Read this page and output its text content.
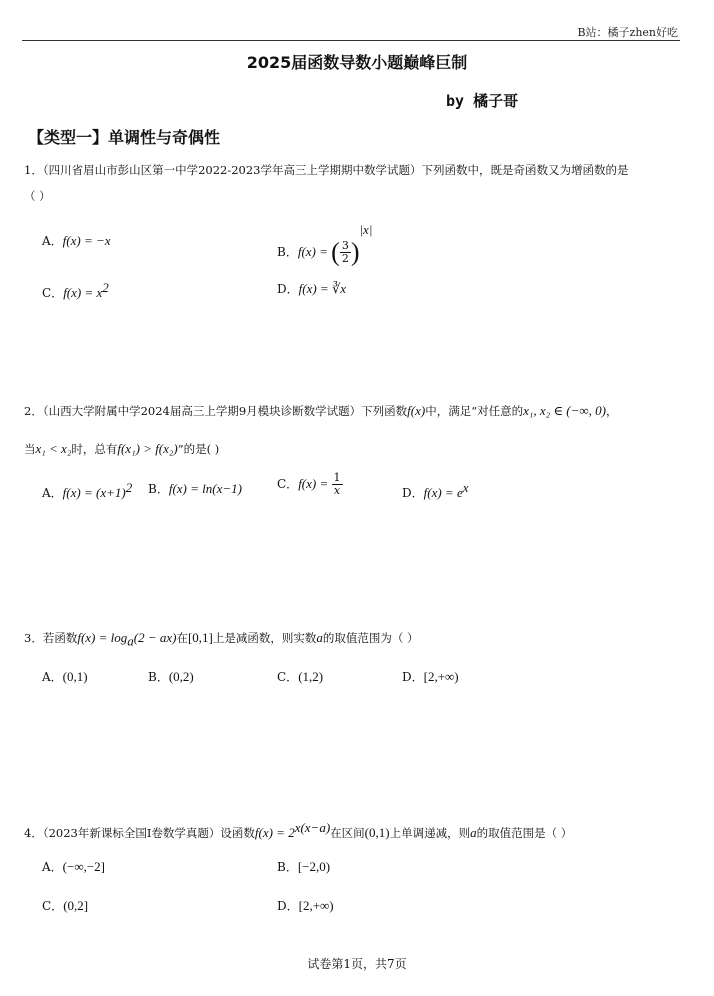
B站：橘子zhen好吃
2025届函数导数小题巅峰巨制
by 橘子哥
【类型一】单调性与奇偶性
1．（四川省眉山市彭山区第一中学2022-2023学年高三上学期期中数学试题）下列函数中，既是奇函数又为增函数的是
（ ）
A．f(x) = −x
B．f(x) = ( $\frac{3}{2} )^{|x|}$
C．$f(x) = x^2$	D．f(x) = ∛x
2．（山西大学附属中学2024届高三上学期9月模块诊断数学试题）下列函数f(x)中，满足“对任意的x₁, x₂ ∈ (−∞, 0)，
当x₁ < x₂时，总有f(x₁) > f(x₂)”的是( )
A．$f(x) = (x+1)^2$ B．f(x) = ln(x−1)	C．$f(x) = \frac{1}{x}$	D．$f(x) = e^x$
3．若函数$f(x) = \log_a(2 - ax)$在[0,1]上是减函数，则实数a的取值范围为（ ）
A．(0,1)	B．(0,2)	C．(1,2)	D．[2,+∞)
4．（2023年新课标全国Ⅰ卷数学真题）设函数$f(x) = 2^{x(x-a)}$在区间(0,1)上单调递减，则a的取值范围是（ ）
A．(−∞,−2]	B．[−2,0)
C．(0,2]	D．[2,+∞)
试卷第1页，共7页
